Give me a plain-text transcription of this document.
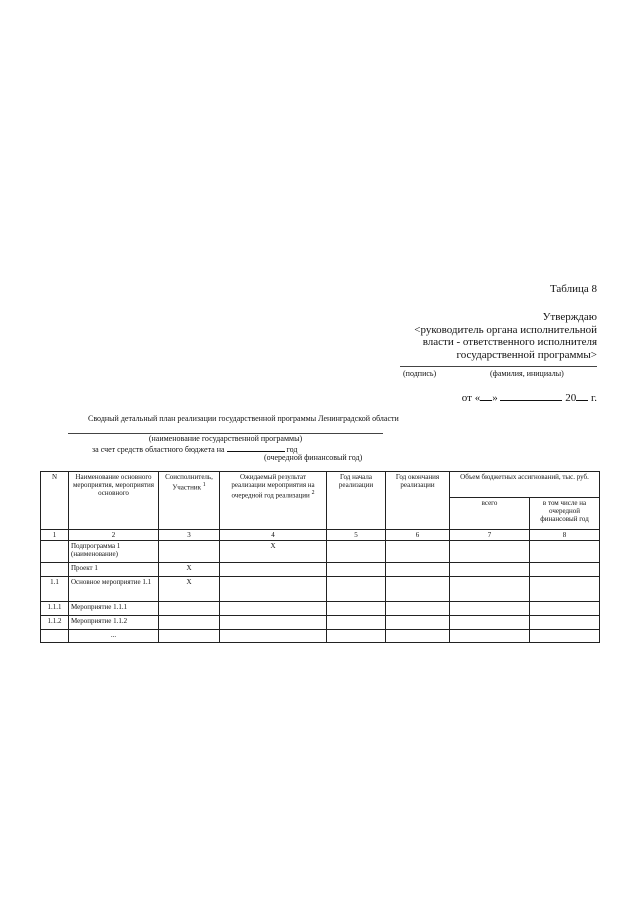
Таблица 8
Утверждаю
<руководитель органа исполнительной
власти - ответственного исполнителя
государственной программы>
(подпись)	(фамилия, инициалы)
от « »	20 г.
Сводный детальный план реализации государственной программы Ленинградской области
(наименование государственной программы)
за счет средств областного бюджета на	год
(очередной финансовый год)
N	Наименование основного мероприятия, мероприятия основного	Соисполнитель, Участник $^1$	Ожидаемый результат реализации мероприятия на очередной год реализации $^2$	Год начала реализации	Год окончания реализации	Объем бюджетных ассигнований, тыс. руб.	
						всего	в том числе на очередной финансовый год
1	2	3	4	5	6	7	8
	Подпрограмма 1 (наименование)		X				
	Проект 1	X					
1.1	Основное мероприятие 1.1	X					
1.1.1	Мероприятие 1.1.1						
1.1.2	Мероприятие 1.1.2						
	...						
